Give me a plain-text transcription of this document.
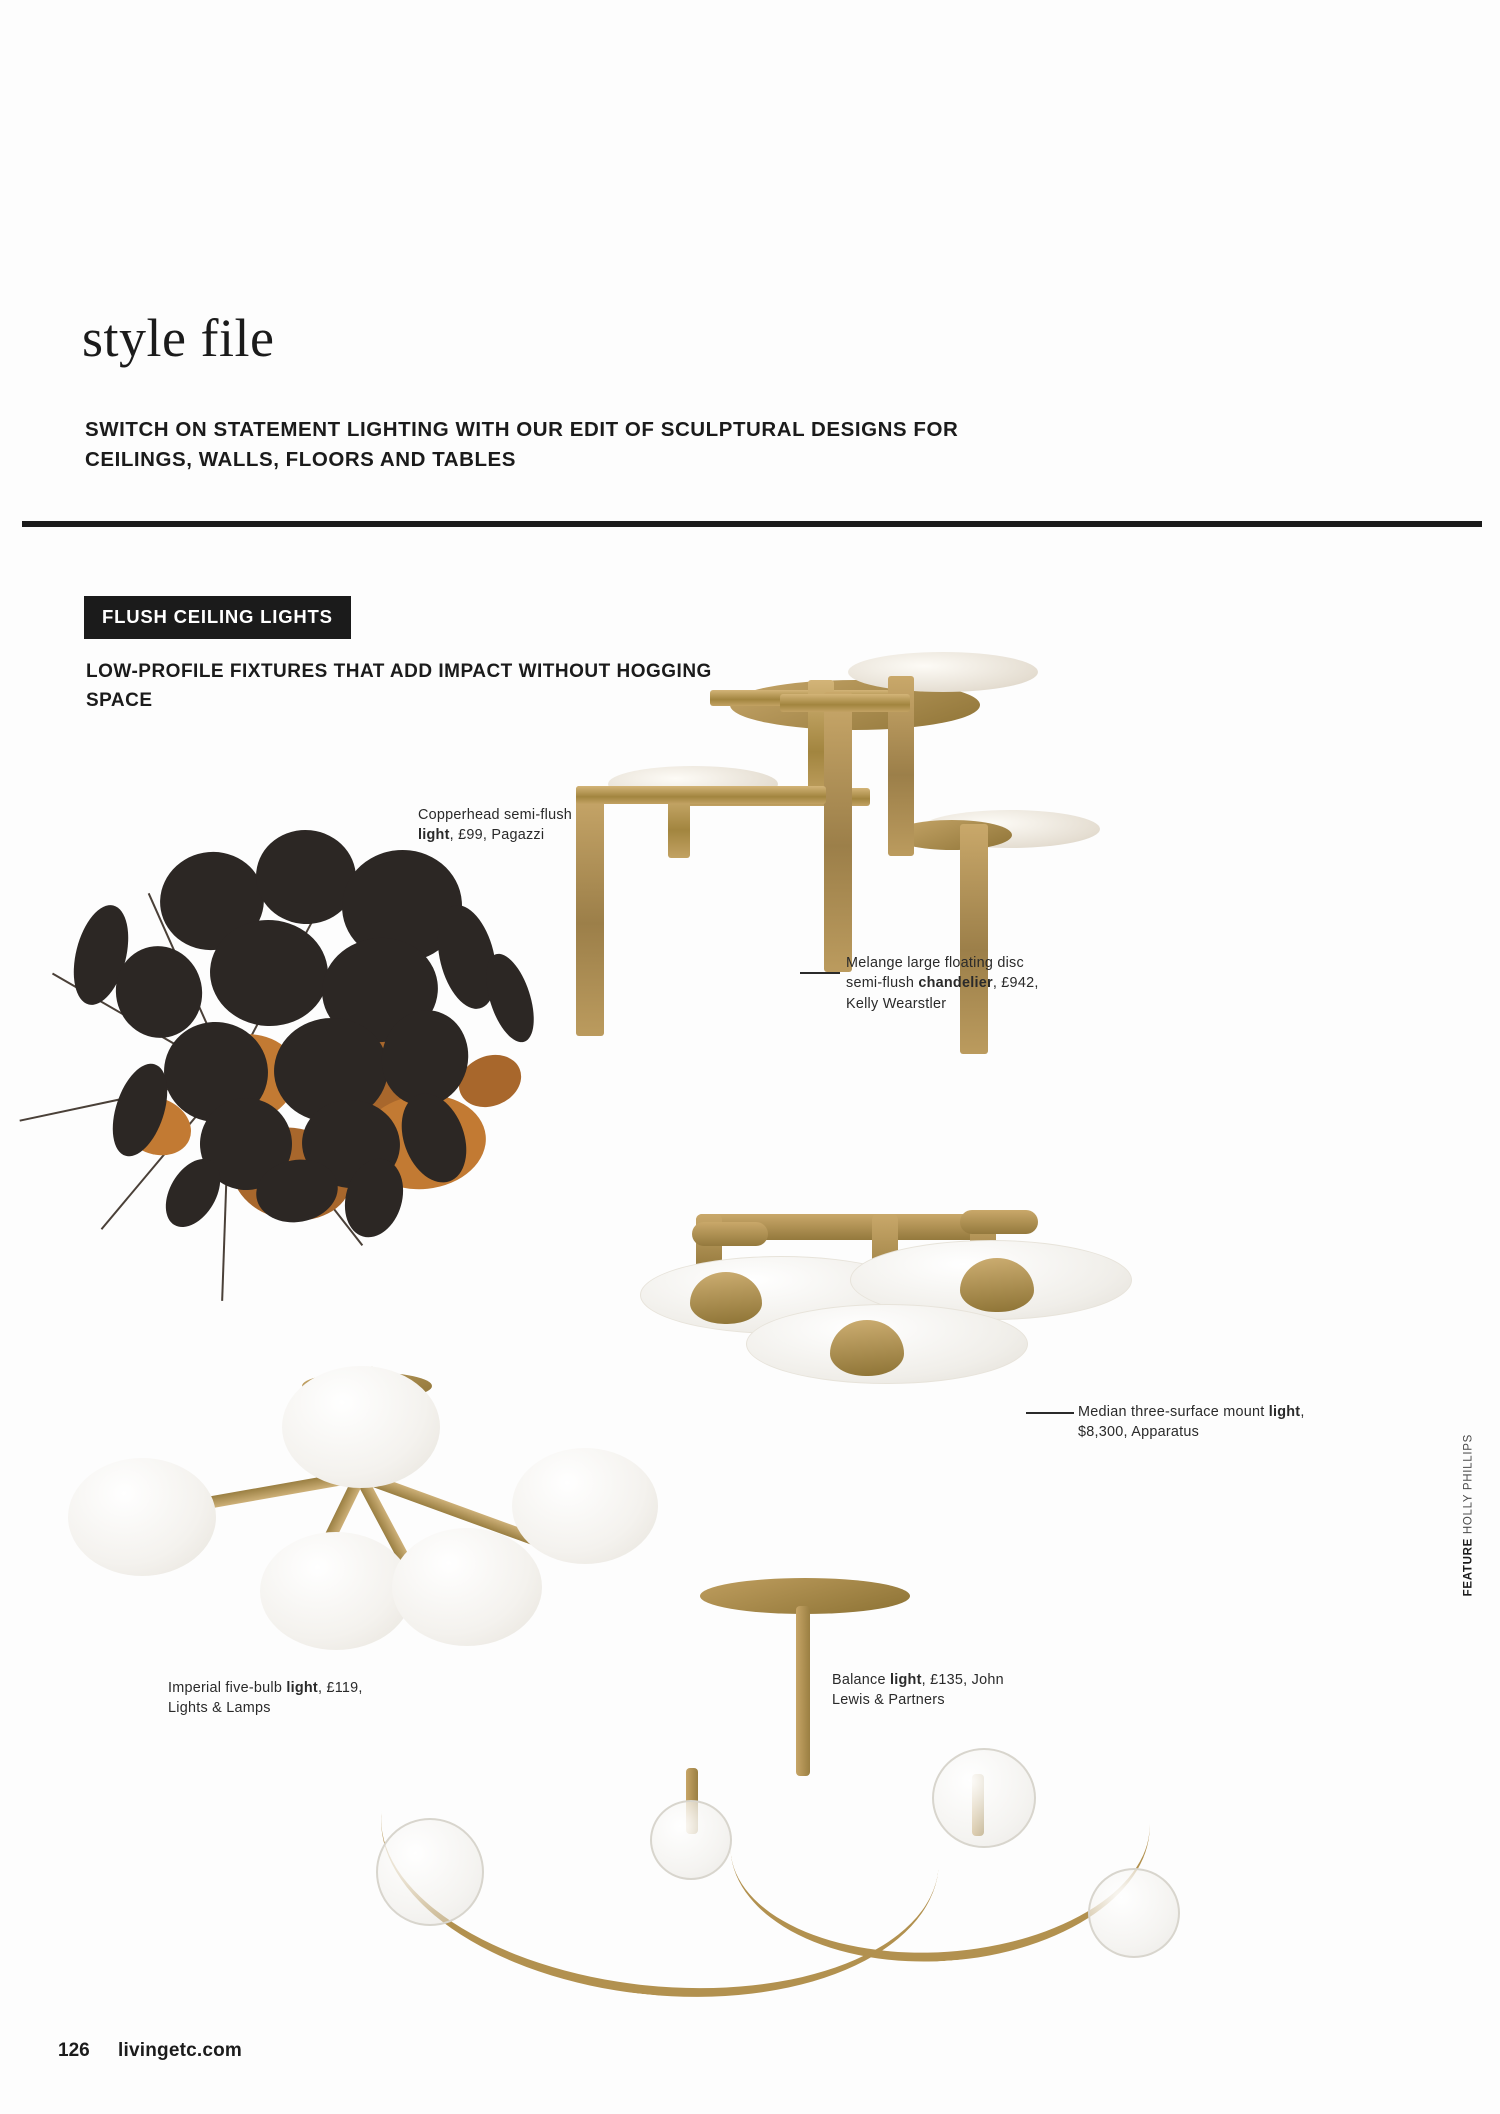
style file
SWITCH ON STATEMENT LIGHTING WITH OUR EDIT OF SCULPTURAL DESIGNS FOR CEILINGS, WALLS, FLOORS AND TABLES
FLUSH CEILING LIGHTS
LOW-PROFILE FIXTURES THAT ADD IMPACT WITHOUT HOGGING SPACE
Copperhead semi-flush light, £99, Pagazzi
Melange large floating disc semi-flush chandelier, £942, Kelly Wearstler
Median three-surface mount light, $8,300, Apparatus
Imperial five-bulb light, £119, Lights & Lamps
Balance light, £135, John Lewis & Partners
126 livingetc.com
FEATURE HOLLY PHILLIPS
